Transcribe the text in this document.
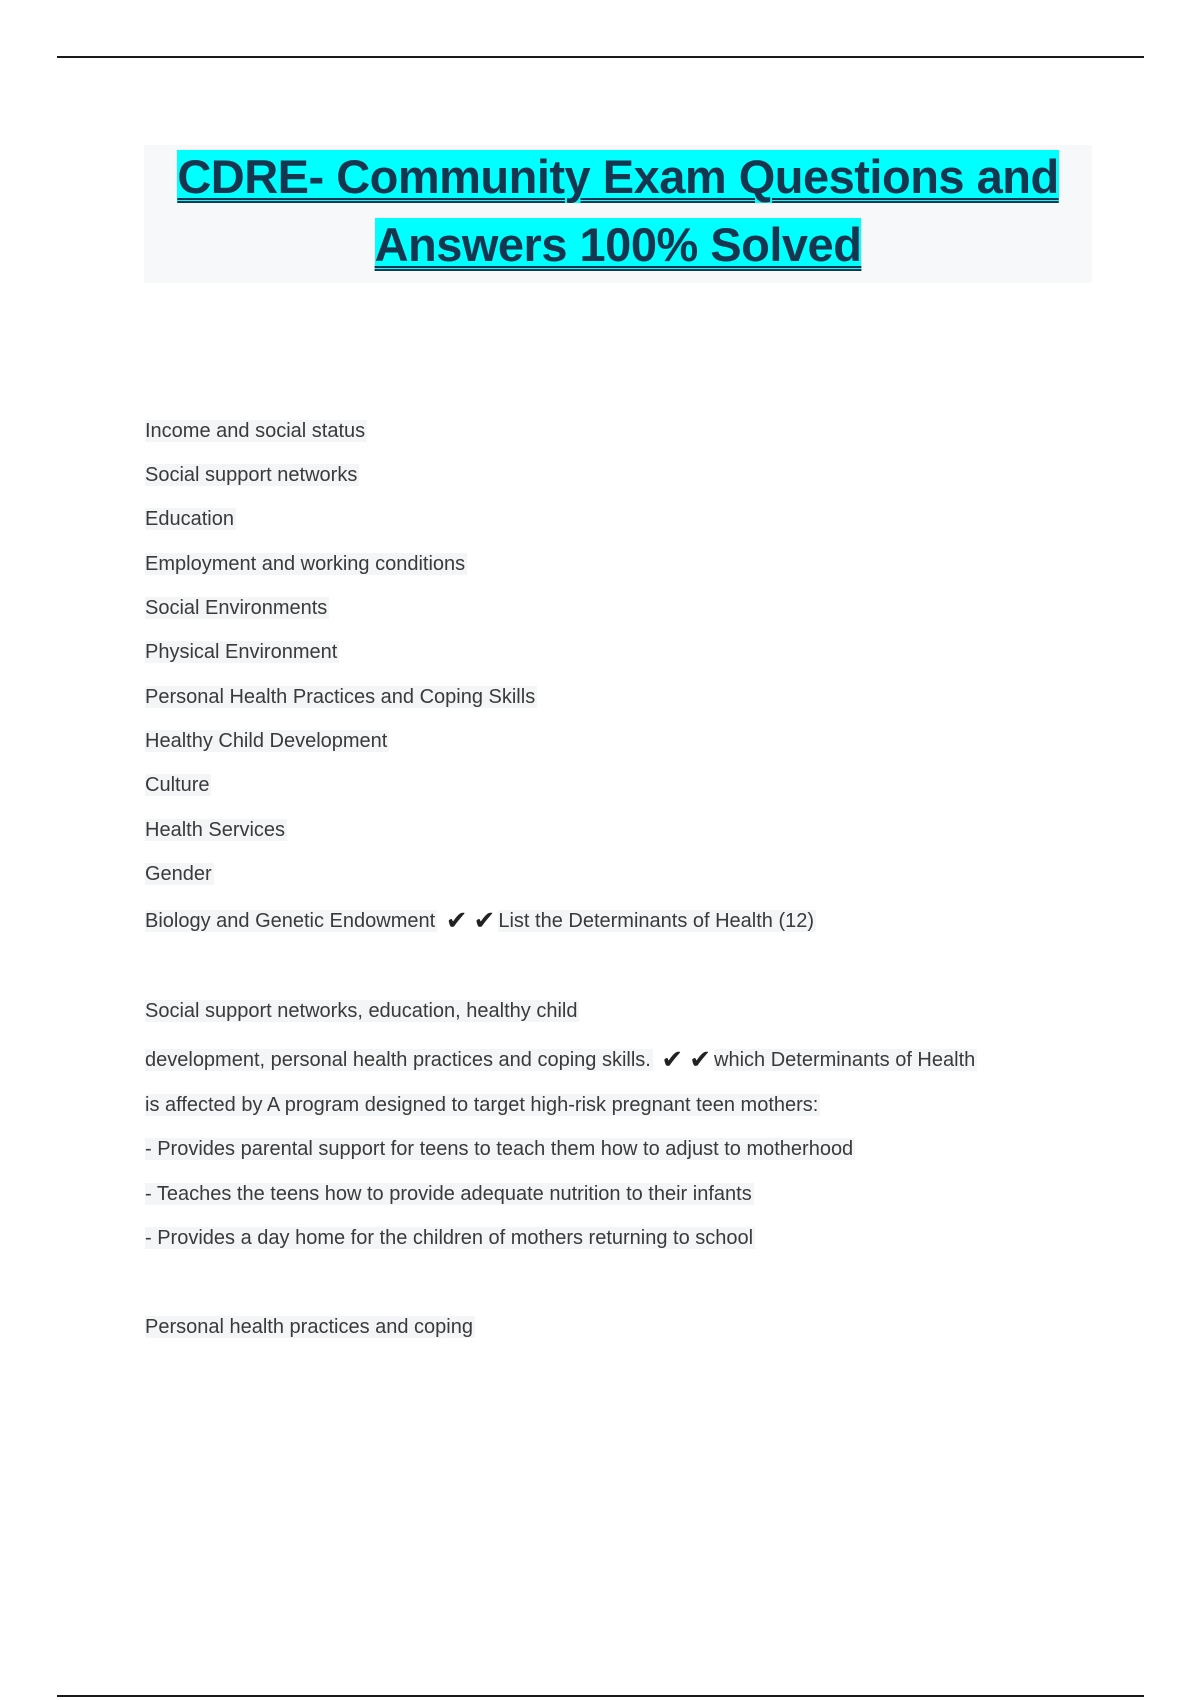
CDRE- Community Exam Questions and
Answers 100% Solved
Income and social status
Social support networks
Education
Employment and working conditions
Social Environments
Physical Environment
Personal Health Practices and Coping Skills
Healthy Child Development
Culture
Health Services
Gender
Biology and Genetic Endowment ✔ ✔ List the Determinants of Health (12)
Social support networks, education, healthy child
development, personal health practices and coping skills. ✔ ✔ which Determinants of Health
is affected by A program designed to target high-risk pregnant teen mothers:
- Provides parental support for teens to teach them how to adjust to motherhood
- Teaches the teens how to provide adequate nutrition to their infants
- Provides a day home for the children of mothers returning to school
Personal health practices and coping
